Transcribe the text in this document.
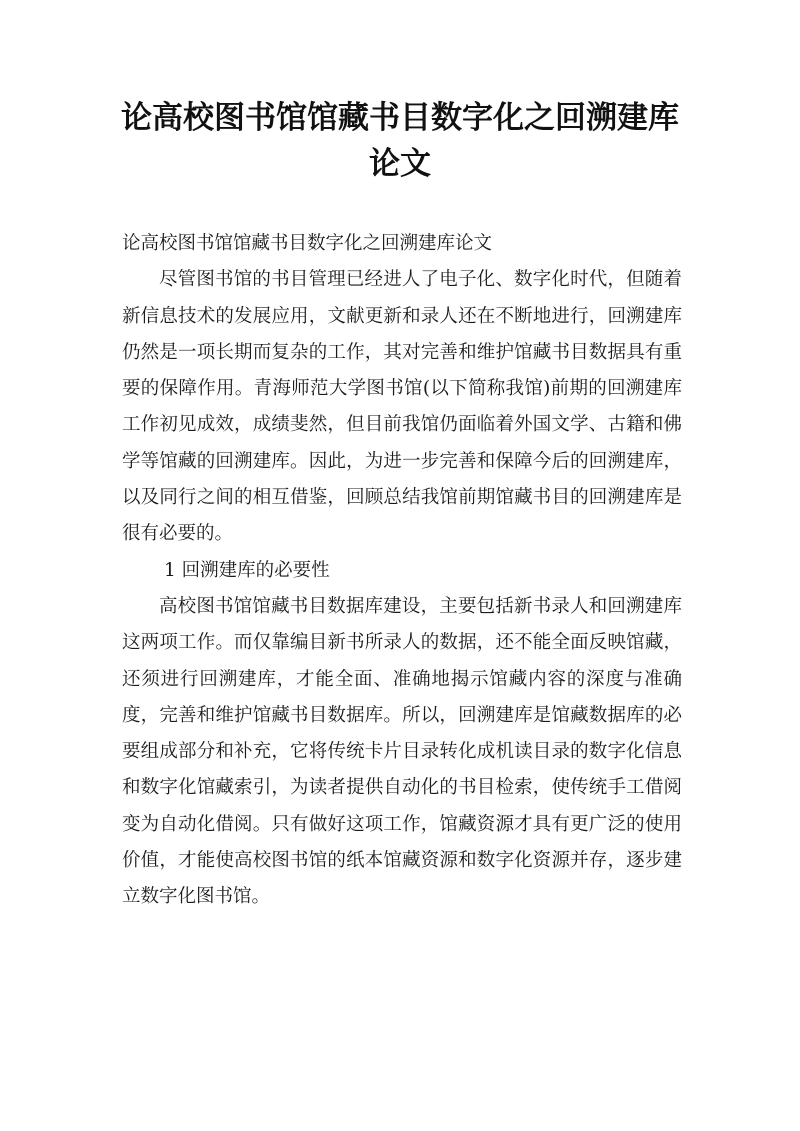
论高校图书馆馆藏书目数字化之回溯建库
论文

论高校图书馆馆藏书目数字化之回溯建库论文

尽管图书馆的书目管理已经进人了电子化、数字化时代，但随着新信息技术的发展应用，文献更新和录人还在不断地进行，回溯建库仍然是一项长期而复杂的工作，其对完善和维护馆藏书目数据具有重要的保障作用。青海师范大学图书馆(以下简称我馆)前期的回溯建库工作初见成效，成绩斐然，但目前我馆仍面临着外国文学、古籍和佛学等馆藏的回溯建库。因此，为进一步完善和保障今后的回溯建库，以及同行之间的相互借鉴，回顾总结我馆前期馆藏书目的回溯建库是很有必要的。

1 回溯建库的必要性

高校图书馆馆藏书目数据库建设，主要包括新书录人和回溯建库这两项工作。而仅靠编目新书所录人的数据，还不能全面反映馆藏，还须进行回溯建库，才能全面、准确地揭示馆藏内容的深度与准确度，完善和维护馆藏书目数据库。所以，回溯建库是馆藏数据库的必要组成部分和补充，它将传统卡片目录转化成机读目录的数字化信息和数字化馆藏索引，为读者提供自动化的书目检索，使传统手工借阅变为自动化借阅。只有做好这项工作，馆藏资源才具有更广泛的使用价值，才能使高校图书馆的纸本馆藏资源和数字化资源并存，逐步建立数字化图书馆。
